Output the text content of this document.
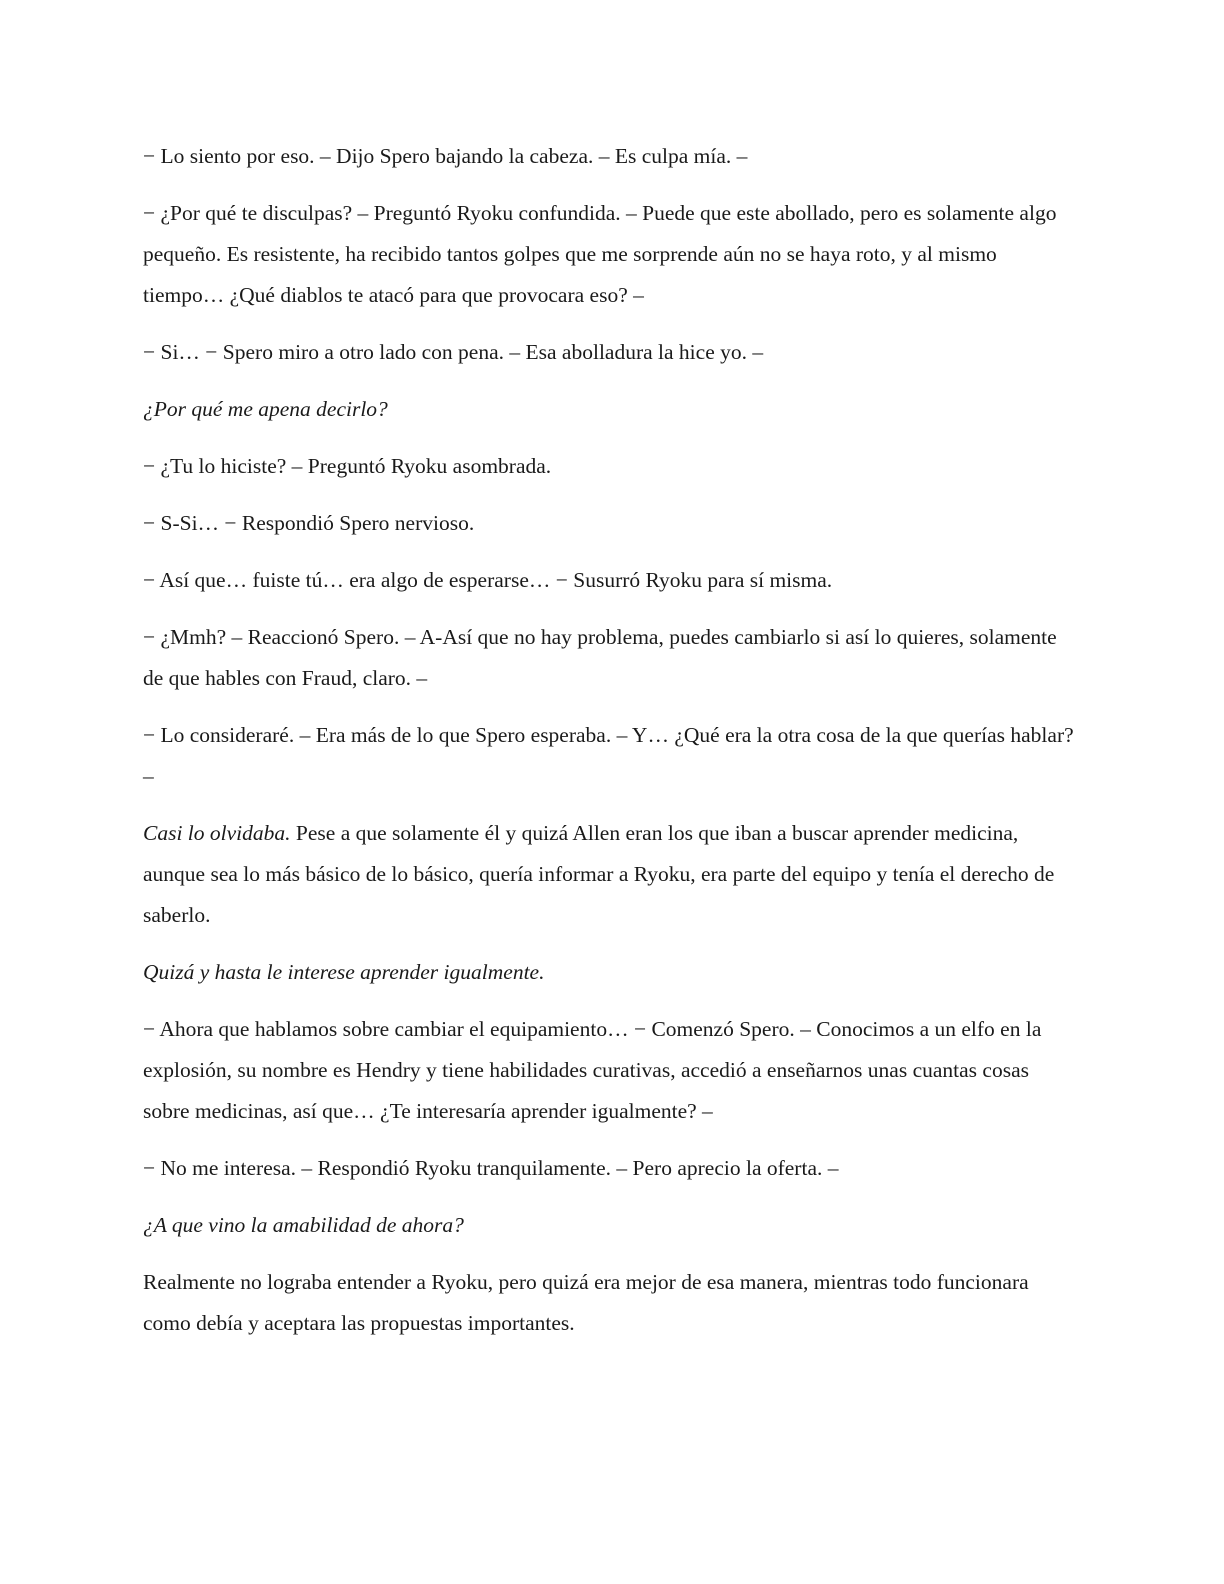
− Lo siento por eso. – Dijo Spero bajando la cabeza. – Es culpa mía. –

− ¿Por qué te disculpas? – Preguntó Ryoku confundida. – Puede que este abollado, pero es solamente algo pequeño. Es resistente, ha recibido tantos golpes que me sorprende aún no se haya roto, y al mismo tiempo… ¿Qué diablos te atacó para que provocara eso? –

− Si… − Spero miro a otro lado con pena. – Esa abolladura la hice yo. –

¿Por qué me apena decirlo?

− ¿Tu lo hiciste? – Preguntó Ryoku asombrada.

− S-Si… − Respondió Spero nervioso.

− Así que… fuiste tú… era algo de esperarse… − Susurró Ryoku para sí misma.

− ¿Mmh? – Reaccionó Spero. – A-Así que no hay problema, puedes cambiarlo si así lo quieres, solamente de que hables con Fraud, claro. –

− Lo consideraré. – Era más de lo que Spero esperaba. – Y… ¿Qué era la otra cosa de la que querías hablar? –

Casi lo olvidaba. Pese a que solamente él y quizá Allen eran los que iban a buscar aprender medicina, aunque sea lo más básico de lo básico, quería informar a Ryoku, era parte del equipo y tenía el derecho de saberlo.

Quizá y hasta le interese aprender igualmente.

− Ahora que hablamos sobre cambiar el equipamiento… − Comenzó Spero. – Conocimos a un elfo en la explosión, su nombre es Hendry y tiene habilidades curativas, accedió a enseñarnos unas cuantas cosas sobre medicinas, así que… ¿Te interesaría aprender igualmente? –

− No me interesa. – Respondió Ryoku tranquilamente. – Pero aprecio la oferta. –

¿A que vino la amabilidad de ahora?

Realmente no lograba entender a Ryoku, pero quizá era mejor de esa manera, mientras todo funcionara como debía y aceptara las propuestas importantes.
